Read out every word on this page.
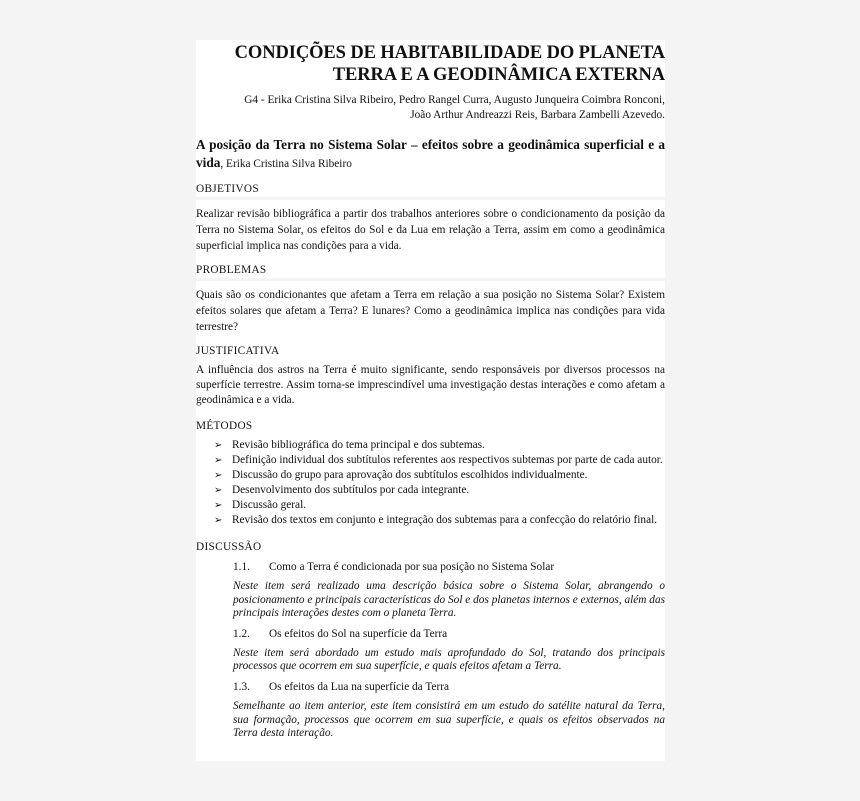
CONDIÇÕES DE HABITABILIDADE DO PLANETA
TERRA E A GEODINÂMICA EXTERNA
G4 - Erika Cristina Silva Ribeiro, Pedro Rangel Curra, Augusto Junqueira Coimbra Ronconi,
João Arthur Andreazzi Reis, Barbara Zambelli Azevedo.
A posição da Terra no Sistema Solar – efeitos sobre a geodinâmica superficial e a vida, Erika Cristina Silva Ribeiro
OBJETIVOS
Realizar revisão bibliográfica a partir dos trabalhos anteriores sobre o condicionamento da posição da Terra no Sistema Solar, os efeitos do Sol e da Lua em relação a Terra, assim em como a geodinâmica superficial implica nas condições para a vida.
PROBLEMAS
Quais são os condicionantes que afetam a Terra em relação a sua posição no Sistema Solar? Existem efeitos solares que afetam a Terra? E lunares? Como a geodinâmica implica nas condições para vida terrestre?
JUSTIFICATIVA
A influência dos astros na Terra é muito significante, sendo responsáveis por diversos processos na superfície terrestre. Assim torna-se imprescindível uma investigação destas interações e como afetam a geodinâmica e a vida.
MÉTODOS
➢ Revisão bibliográfica do tema principal e dos subtemas.
➢ Definição individual dos subtítulos referentes aos respectivos subtemas por parte de cada autor.
➢ Discussão do grupo para aprovação dos subtítulos escolhidos individualmente.
➢ Desenvolvimento dos subtítulos por cada integrante.
➢ Discussão geral.
➢ Revisão dos textos em conjunto e integração dos subtemas para a confecção do relatório final.
DISCUSSÃO
1.1. Como a Terra é condicionada por sua posição no Sistema Solar
Neste item será realizado uma descrição básica sobre o Sistema Solar, abrangendo o posicionamento e principais características do Sol e dos planetas internos e externos, além das principais interações destes com o planeta Terra.
1.2. Os efeitos do Sol na superfície da Terra
Neste item será abordado um estudo mais aprofundado do Sol, tratando dos principais processos que ocorrem em sua superfície, e quais efeitos afetam a Terra.
1.3. Os efeitos da Lua na superfície da Terra
Semelhante ao item anterior, este item consistirá em um estudo do satélite natural da Terra, sua formação, processos que ocorrem em sua superfície, e quais os efeitos observados na Terra desta interação.
